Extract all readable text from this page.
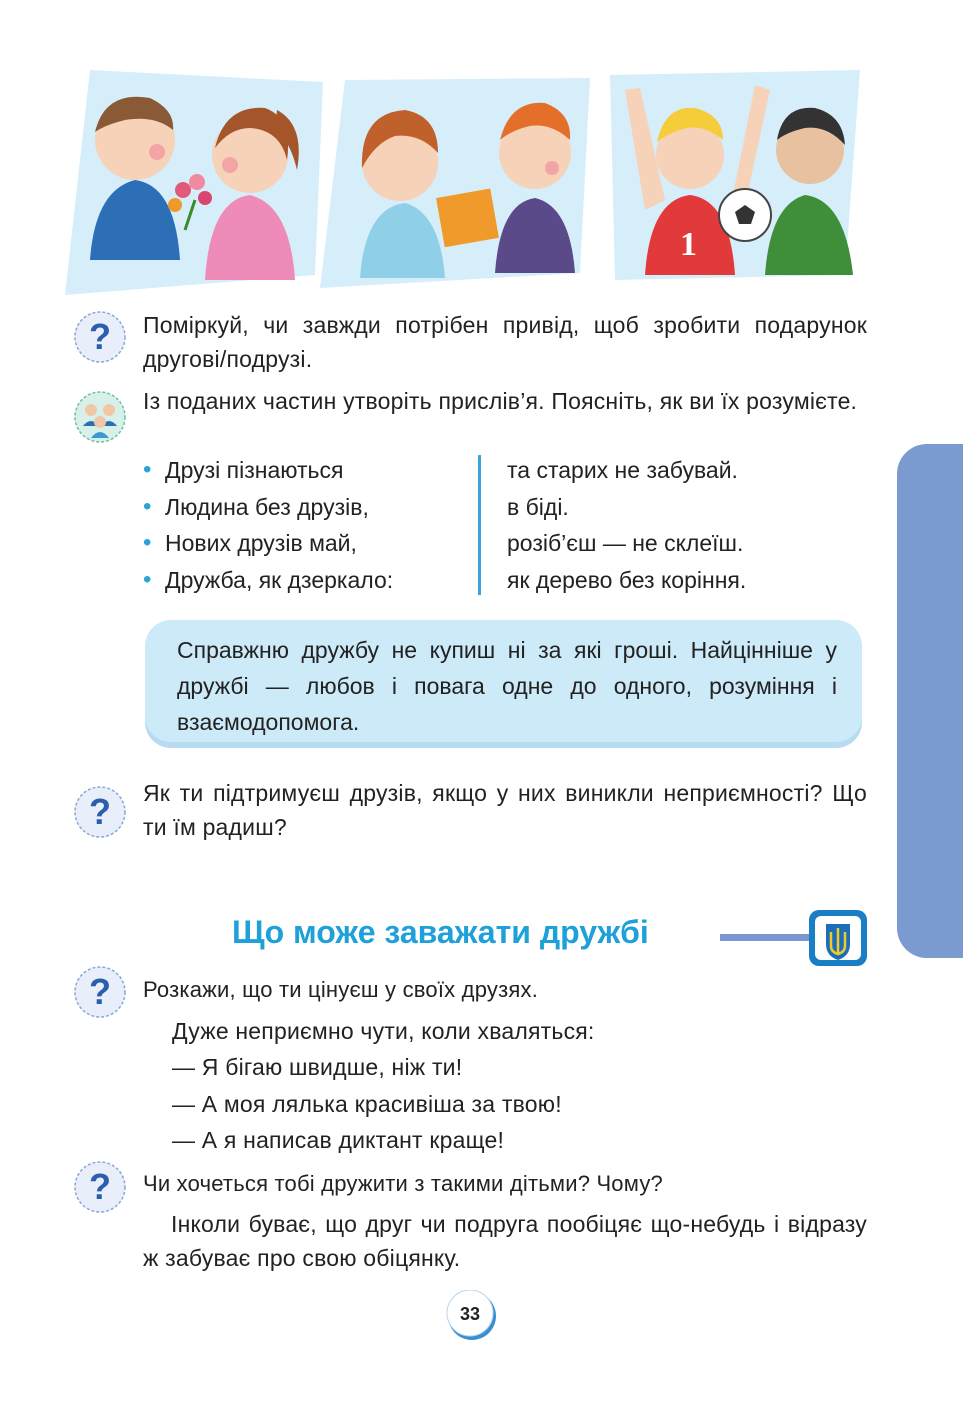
1
? Поміркуй, чи завжди потрібен привід, щоб зробити подарунок другові/подрузі.
Із поданих частин утворіть прислів’я. Поясніть, як ви їх розумієте.
• Друзі пізнаються
• Людина без друзів,
• Нових друзів май,
• Дружба, як дзеркало:
та старих не забувай.
в біді.
розіб’єш — не склеїш.
як дерево без коріння.
Справжню дружбу не купиш ні за які гроші. Найцінніше у дружбі — любов і повага одне до одного, розуміння і взаємодопомога.
? Як ти підтримуєш друзів, якщо у них виникли неприємності? Що ти їм радиш?
Що може заважати дружбі
? Розкажи, що ти цінуєш у своїх друзях.
Дуже неприємно чути, коли хваляться:
— Я бігаю швидше, ніж ти!
— А моя лялька красивіша за твою!
— А я написав диктант краще!
? Чи хочеться тобі дружити з такими дітьми? Чому?
Інколи буває, що друг чи подруга пообіцяє що-небудь і відразу ж забуває про свою обіцянку.
33
